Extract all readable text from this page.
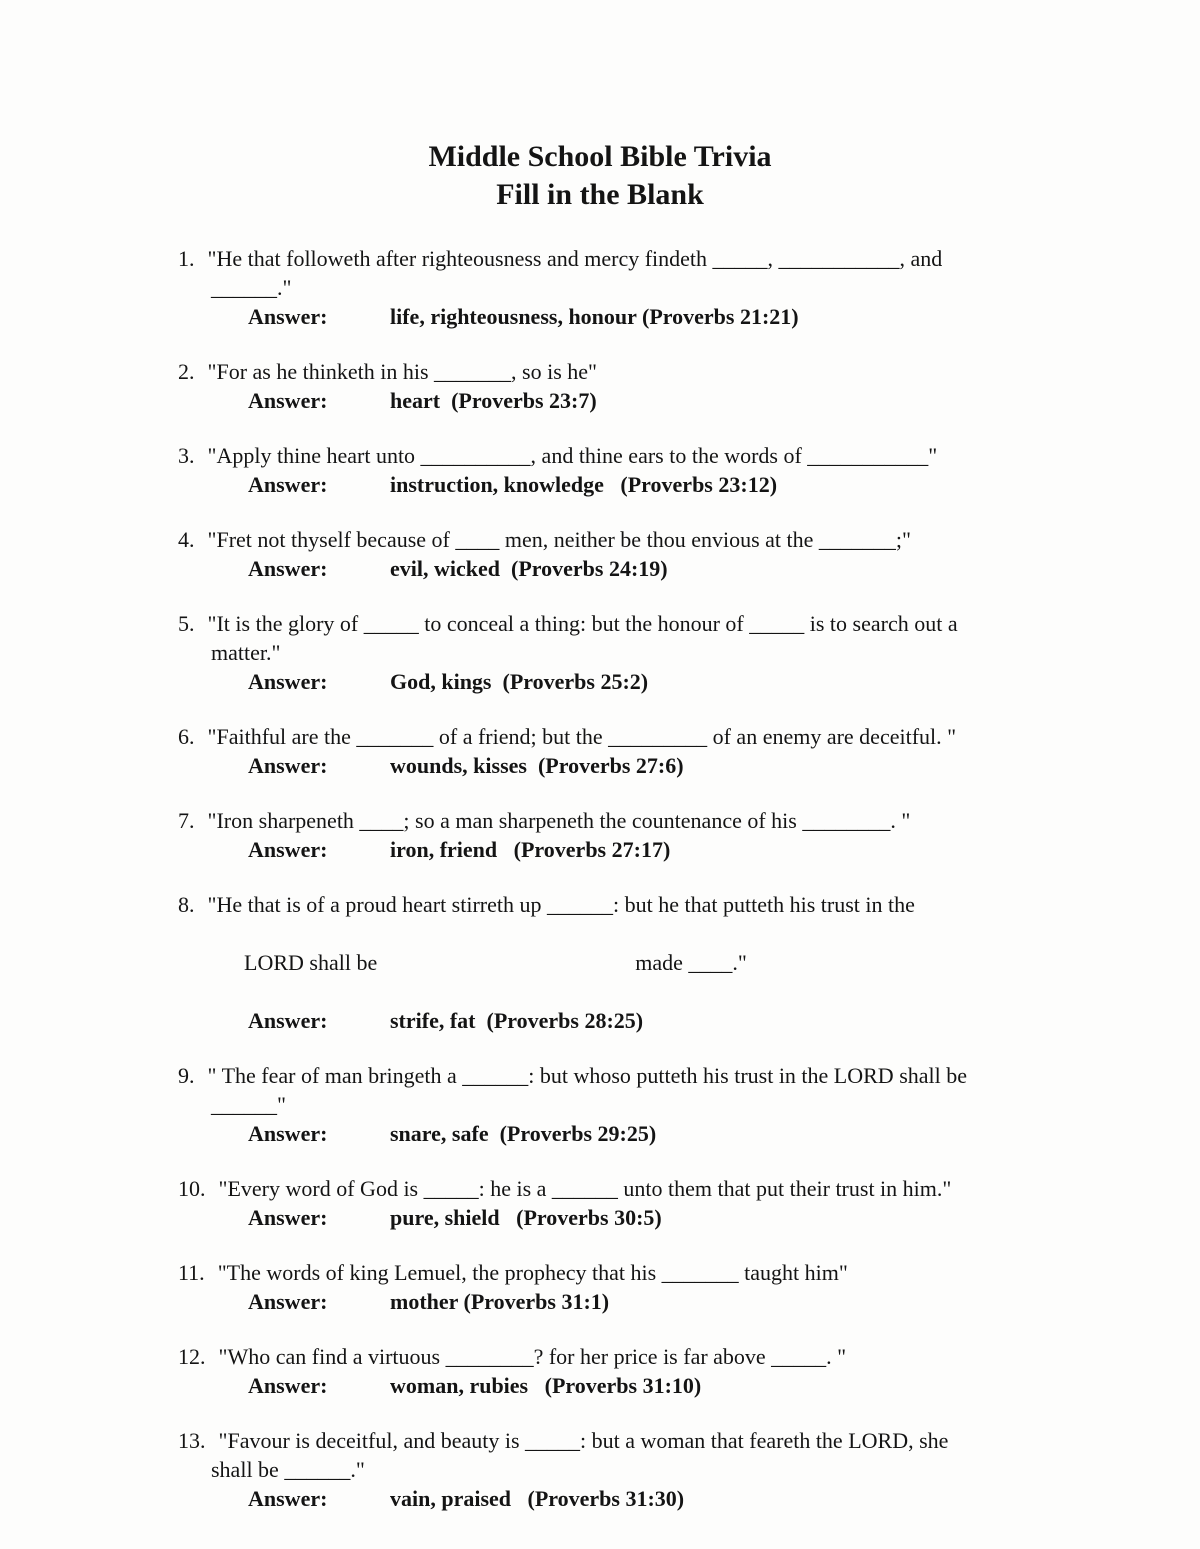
Middle School Bible Trivia
Fill in the Blank
1. "He that followeth after righteousness and mercy findeth _____, ___________, and
______."
Answer:	life, righteousness, honour (Proverbs 21:21)
2. "For as he thinketh in his _______, so is he"
Answer:	heart  (Proverbs 23:7)
3. "Apply thine heart unto __________, and thine ears to the words of ___________"
Answer:	instruction, knowledge   (Proverbs 23:12)
4. "Fret not thyself because of ____ men, neither be thou envious at the _______;"
Answer:	evil, wicked  (Proverbs 24:19)
5. "It is the glory of _____ to conceal a thing: but the honour of _____ is to search out a
matter."
Answer:	God, kings  (Proverbs 25:2)
6. "Faithful are the _______ of a friend; but the _________ of an enemy are deceitful. "
Answer:	wounds, kisses  (Proverbs 27:6)
7. "Iron sharpeneth ____; so a man sharpeneth the countenance of his ________. "
Answer:	iron, friend   (Proverbs 27:17)
8. "He that is of a proud heart stirreth up ______: but he that putteth his trust in the

LORD shall be	made ____."

Answer:	strife, fat  (Proverbs 28:25)
9. " The fear of man bringeth a ______: but whoso putteth his trust in the LORD shall be
______"
Answer:	snare, safe  (Proverbs 29:25)
10. "Every word of God is _____: he is a ______ unto them that put their trust in him."
Answer:	pure, shield   (Proverbs 30:5)
11. "The words of king Lemuel, the prophecy that his _______ taught him"
Answer:	mother (Proverbs 31:1)
12. "Who can find a virtuous ________? for her price is far above _____. "
Answer:	woman, rubies   (Proverbs 31:10)
13. "Favour is deceitful, and beauty is _____: but a woman that feareth the LORD, she
shall be ______."
Answer:	vain, praised   (Proverbs 31:30)
